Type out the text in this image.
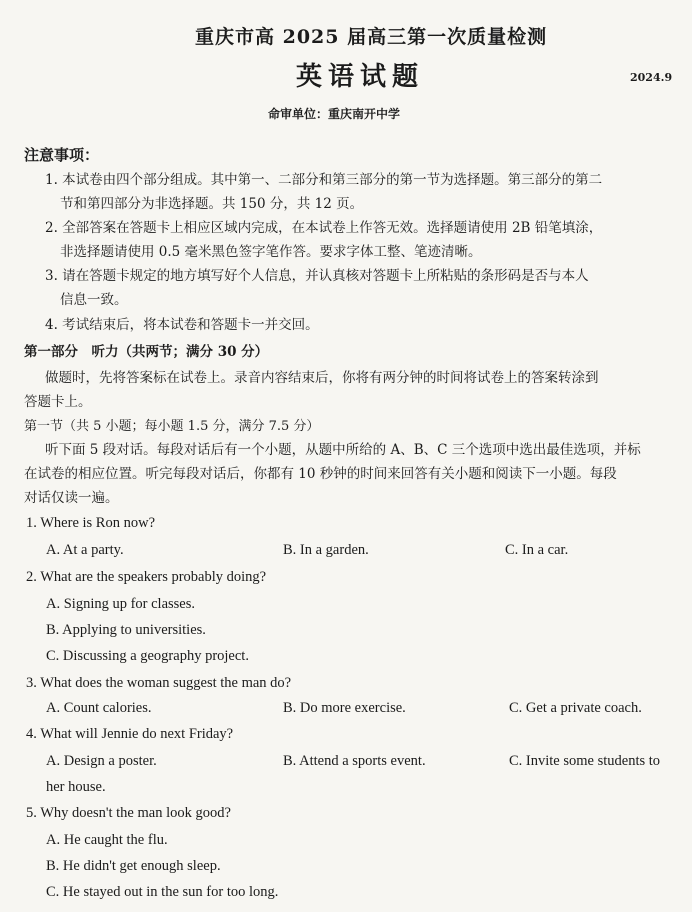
重庆市高 2025 届高三第一次质量检测
英语试题	2024.9
命审单位：重庆南开中学
注意事项：
1. 本试卷由四个部分组成。其中第一、二部分和第三部分的第一节为选择题。第三部分的第二
节和第四部分为非选择题。共 150 分，共 12 页。
2. 全部答案在答题卡上相应区域内完成，在本试卷上作答无效。选择题请使用 2B 铅笔填涂，
非选择题请使用 0.5 毫米黑色签字笔作答。要求字体工整、笔迹清晰。
3. 请在答题卡规定的地方填写好个人信息，并认真核对答题卡上所粘贴的条形码是否与本人
信息一致。
4. 考试结束后，将本试卷和答题卡一并交回。
第一部分　听力（共两节；满分 30 分）
做题时，先将答案标在试卷上。录音内容结束后，你将有两分钟的时间将试卷上的答案转涂到
答题卡上。
第一节（共 5 小题；每小题 1.5 分，满分 7.5 分）
听下面 5 段对话。每段对话后有一个小题，从题中所给的 A、B、C 三个选项中选出最佳选项，并标
在试卷的相应位置。听完每段对话后，你都有 10 秒钟的时间来回答有关小题和阅读下一小题。每段
对话仅读一遍。
1. Where is Ron now?
A. At a party.	B. In a garden.	C. In a car.
2. What are the speakers probably doing?
A. Signing up for classes.
B. Applying to universities.
C. Discussing a geography project.
3. What does the woman suggest the man do?
A. Count calories.	B. Do more exercise.	C. Get a private coach.
4. What will Jennie do next Friday?
A. Design a poster.	B. Attend a sports event.	C. Invite some students to
her house.
5. Why doesn't the man look good?
A. He caught the flu.
B. He didn't get enough sleep.
C. He stayed out in the sun for too long.
